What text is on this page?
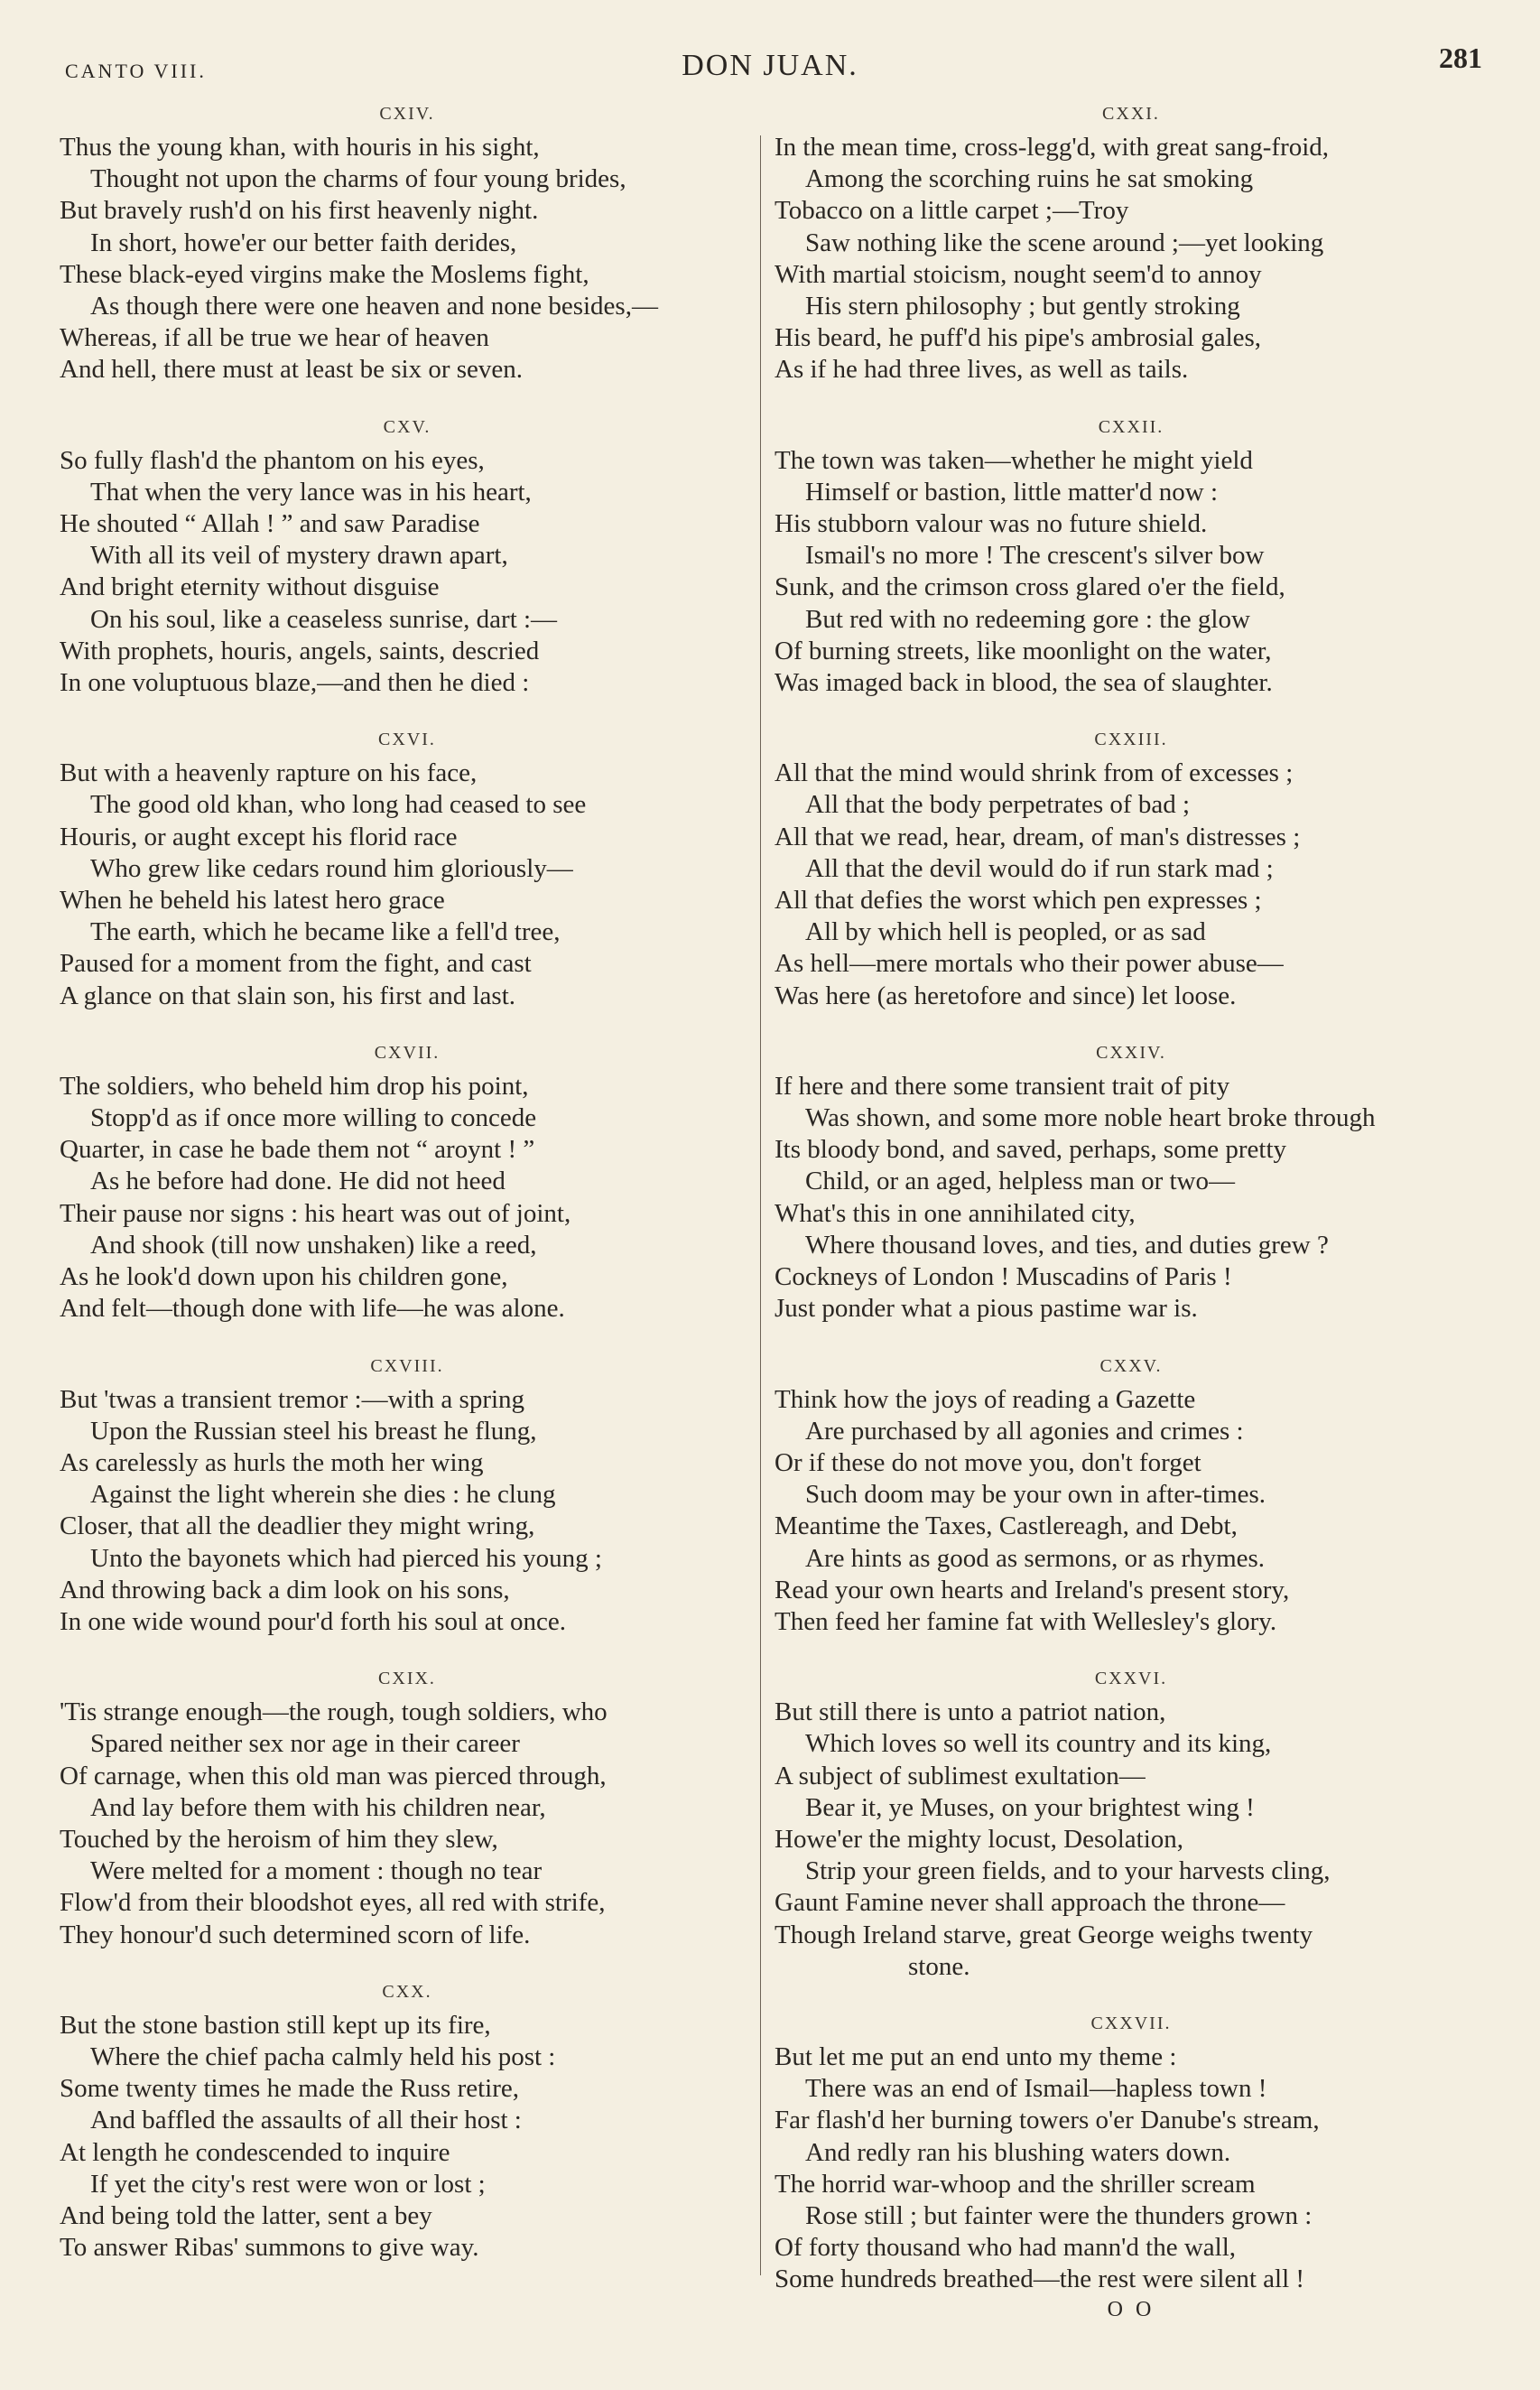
CANTO VIII.	DON JUAN.	281
CXIV.
Thus the young khan, with houris in his sight,
Thought not upon the charms of four young brides,
But bravely rush'd on his first heavenly night.
In short, howe'er our better faith derides,
These black-eyed virgins make the Moslems fight,
As though there were one heaven and none besides,—
Whereas, if all be true we hear of heaven
And hell, there must at least be six or seven.
CXV.
So fully flash'd the phantom on his eyes,
That when the very lance was in his heart,
He shouted “ Allah ! ” and saw Paradise
With all its veil of mystery drawn apart,
And bright eternity without disguise
On his soul, like a ceaseless sunrise, dart :—
With prophets, houris, angels, saints, descried
In one voluptuous blaze,—and then he died :
CXVI.
But with a heavenly rapture on his face,
The good old khan, who long had ceased to see
Houris, or aught except his florid race
Who grew like cedars round him gloriously—
When he beheld his latest hero grace
The earth, which he became like a fell'd tree,
Paused for a moment from the fight, and cast
A glance on that slain son, his first and last.
CXVII.
The soldiers, who beheld him drop his point,
Stopp'd as if once more willing to concede
Quarter, in case he bade them not “ aroynt ! ”
As he before had done. He did not heed
Their pause nor signs : his heart was out of joint,
And shook (till now unshaken) like a reed,
As he look'd down upon his children gone,
And felt—though done with life—he was alone.
CXVIII.
But 'twas a transient tremor :—with a spring
Upon the Russian steel his breast he flung,
As carelessly as hurls the moth her wing
Against the light wherein she dies : he clung
Closer, that all the deadlier they might wring,
Unto the bayonets which had pierced his young ;
And throwing back a dim look on his sons,
In one wide wound pour'd forth his soul at once.
CXIX.
'Tis strange enough—the rough, tough soldiers, who
Spared neither sex nor age in their career
Of carnage, when this old man was pierced through,
And lay before them with his children near,
Touched by the heroism of him they slew,
Were melted for a moment : though no tear
Flow'd from their bloodshot eyes, all red with strife,
They honour'd such determined scorn of life.
CXX.
But the stone bastion still kept up its fire,
Where the chief pacha calmly held his post :
Some twenty times he made the Russ retire,
And baffled the assaults of all their host :
At length he condescended to inquire
If yet the city's rest were won or lost ;
And being told the latter, sent a bey
To answer Ribas' summons to give way.
CXXI.
In the mean time, cross-legg'd, with great sang-froid,
Among the scorching ruins he sat smoking
Tobacco on a little carpet ;—Troy
Saw nothing like the scene around ;—yet looking
With martial stoicism, nought seem'd to annoy
His stern philosophy ; but gently stroking
His beard, he puff'd his pipe's ambrosial gales,
As if he had three lives, as well as tails.
CXXII.
The town was taken—whether he might yield
Himself or bastion, little matter'd now :
His stubborn valour was no future shield.
Ismail's no more ! The crescent's silver bow
Sunk, and the crimson cross glared o'er the field,
But red with no redeeming gore : the glow
Of burning streets, like moonlight on the water,
Was imaged back in blood, the sea of slaughter.
CXXIII.
All that the mind would shrink from of excesses ;
All that the body perpetrates of bad ;
All that we read, hear, dream, of man's distresses ;
All that the devil would do if run stark mad ;
All that defies the worst which pen expresses ;
All by which hell is peopled, or as sad
As hell—mere mortals who their power abuse—
Was here (as heretofore and since) let loose.
CXXIV.
If here and there some transient trait of pity
Was shown, and some more noble heart broke through
Its bloody bond, and saved, perhaps, some pretty
Child, or an aged, helpless man or two—
What's this in one annihilated city,
Where thousand loves, and ties, and duties grew ?
Cockneys of London ! Muscadins of Paris !
Just ponder what a pious pastime war is.
CXXV.
Think how the joys of reading a Gazette
Are purchased by all agonies and crimes :
Or if these do not move you, don't forget
Such doom may be your own in after-times.
Meantime the Taxes, Castlereagh, and Debt,
Are hints as good as sermons, or as rhymes.
Read your own hearts and Ireland's present story,
Then feed her famine fat with Wellesley's glory.
CXXVI.
But still there is unto a patriot nation,
Which loves so well its country and its king,
A subject of sublimest exultation—
Bear it, ye Muses, on your brightest wing !
Howe'er the mighty locust, Desolation,
Strip your green fields, and to your harvests cling,
Gaunt Famine never shall approach the throne—
Though Ireland starve, great George weighs twenty
stone.
CXXVII.
But let me put an end unto my theme :
There was an end of Ismail—hapless town !
Far flash'd her burning towers o'er Danube's stream,
And redly ran his blushing waters down.
The horrid war-whoop and the shriller scream
Rose still ; but fainter were the thunders grown :
Of forty thousand who had mann'd the wall,
Some hundreds breathed—the rest were silent all !
O O
